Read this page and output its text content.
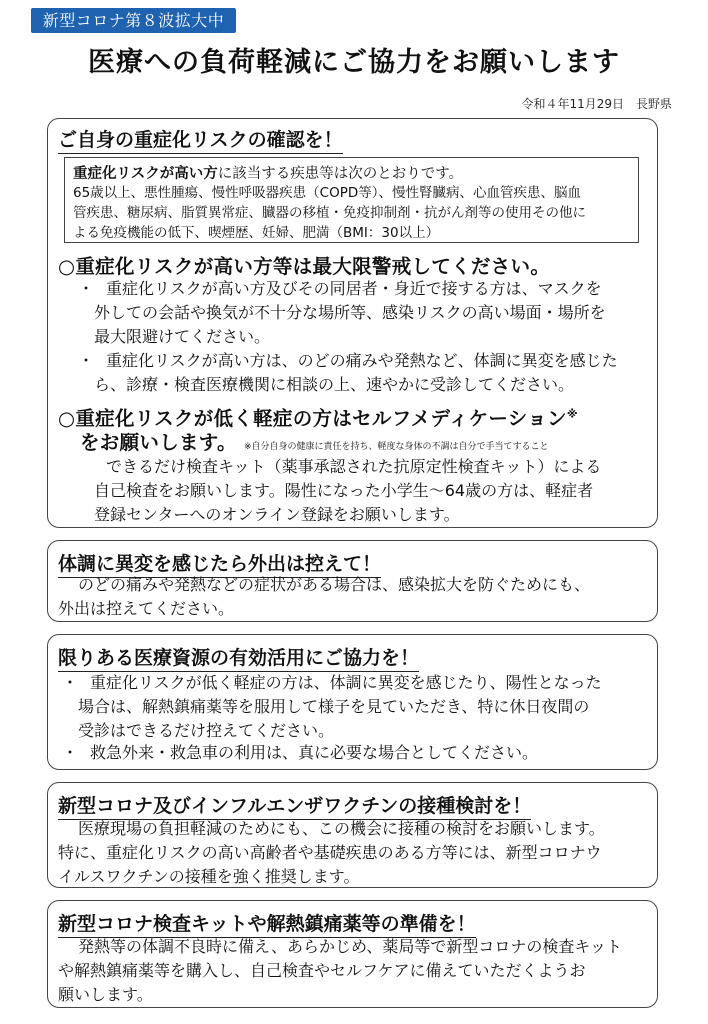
新型コロナ第８波拡大中
医療への負荷軽減にご協力をお願いします
令和４年11月29日　長野県
ご自身の重症化リスクの確認を！
重症化リスクが高い方に該当する疾患等は次のとおりです。
65歳以上、悪性腫瘍、慢性呼吸器疾患（COPD等）、慢性腎臓病、心血管疾患、脳血
管疾患、糖尿病、脂質異常症、臓器の移植・免疫抑制剤・抗がん剤等の使用その他に
よる免疫機能の低下、喫煙歴、妊婦、肥満（BMI：30以上）
○重症化リスクが高い方等は最大限警戒してください。
・ 重症化リスクが高い方及びその同居者・身近で接する方は、マスクを
外しての会話や換気が不十分な場所等、感染リスクの高い場面・場所を
最大限避けてください。
・ 重症化リスクが高い方は、のどの痛みや発熱など、体調に異変を感じた
ら、診療・検査医療機関に相談の上、速やかに受診してください。
○重症化リスクが低く軽症の方はセルフメディケーション※
をお願いします。 ※自分自身の健康に責任を持ち、軽度な身体の不調は自分で手当てすること
できるだけ検査キット（薬事承認された抗原定性検査キット）による
自己検査をお願いします。陽性になった小学生～64歳の方は、軽症者
登録センターへのオンライン登録をお願いします。
体調に異変を感じたら外出は控えて！
のどの痛みや発熱などの症状がある場合は、感染拡大を防ぐためにも、
外出は控えてください。
限りある医療資源の有効活用にご協力を！
・ 重症化リスクが低く軽症の方は、体調に異変を感じたり、陽性となった
場合は、解熱鎮痛薬等を服用して様子を見ていただき、特に休日夜間の
受診はできるだけ控えてください。
・ 救急外来・救急車の利用は、真に必要な場合としてください。
新型コロナ及びインフルエンザワクチンの接種検討を！
医療現場の負担軽減のためにも、この機会に接種の検討をお願いします。
特に、重症化リスクの高い高齢者や基礎疾患のある方等には、新型コロナウ
イルスワクチンの接種を強く推奨します。
新型コロナ検査キットや解熱鎮痛薬等の準備を！
発熱等の体調不良時に備え、あらかじめ、薬局等で新型コロナの検査キット
や解熱鎮痛薬等を購入し、自己検査やセルフケアに備えていただくようお
願いします。
